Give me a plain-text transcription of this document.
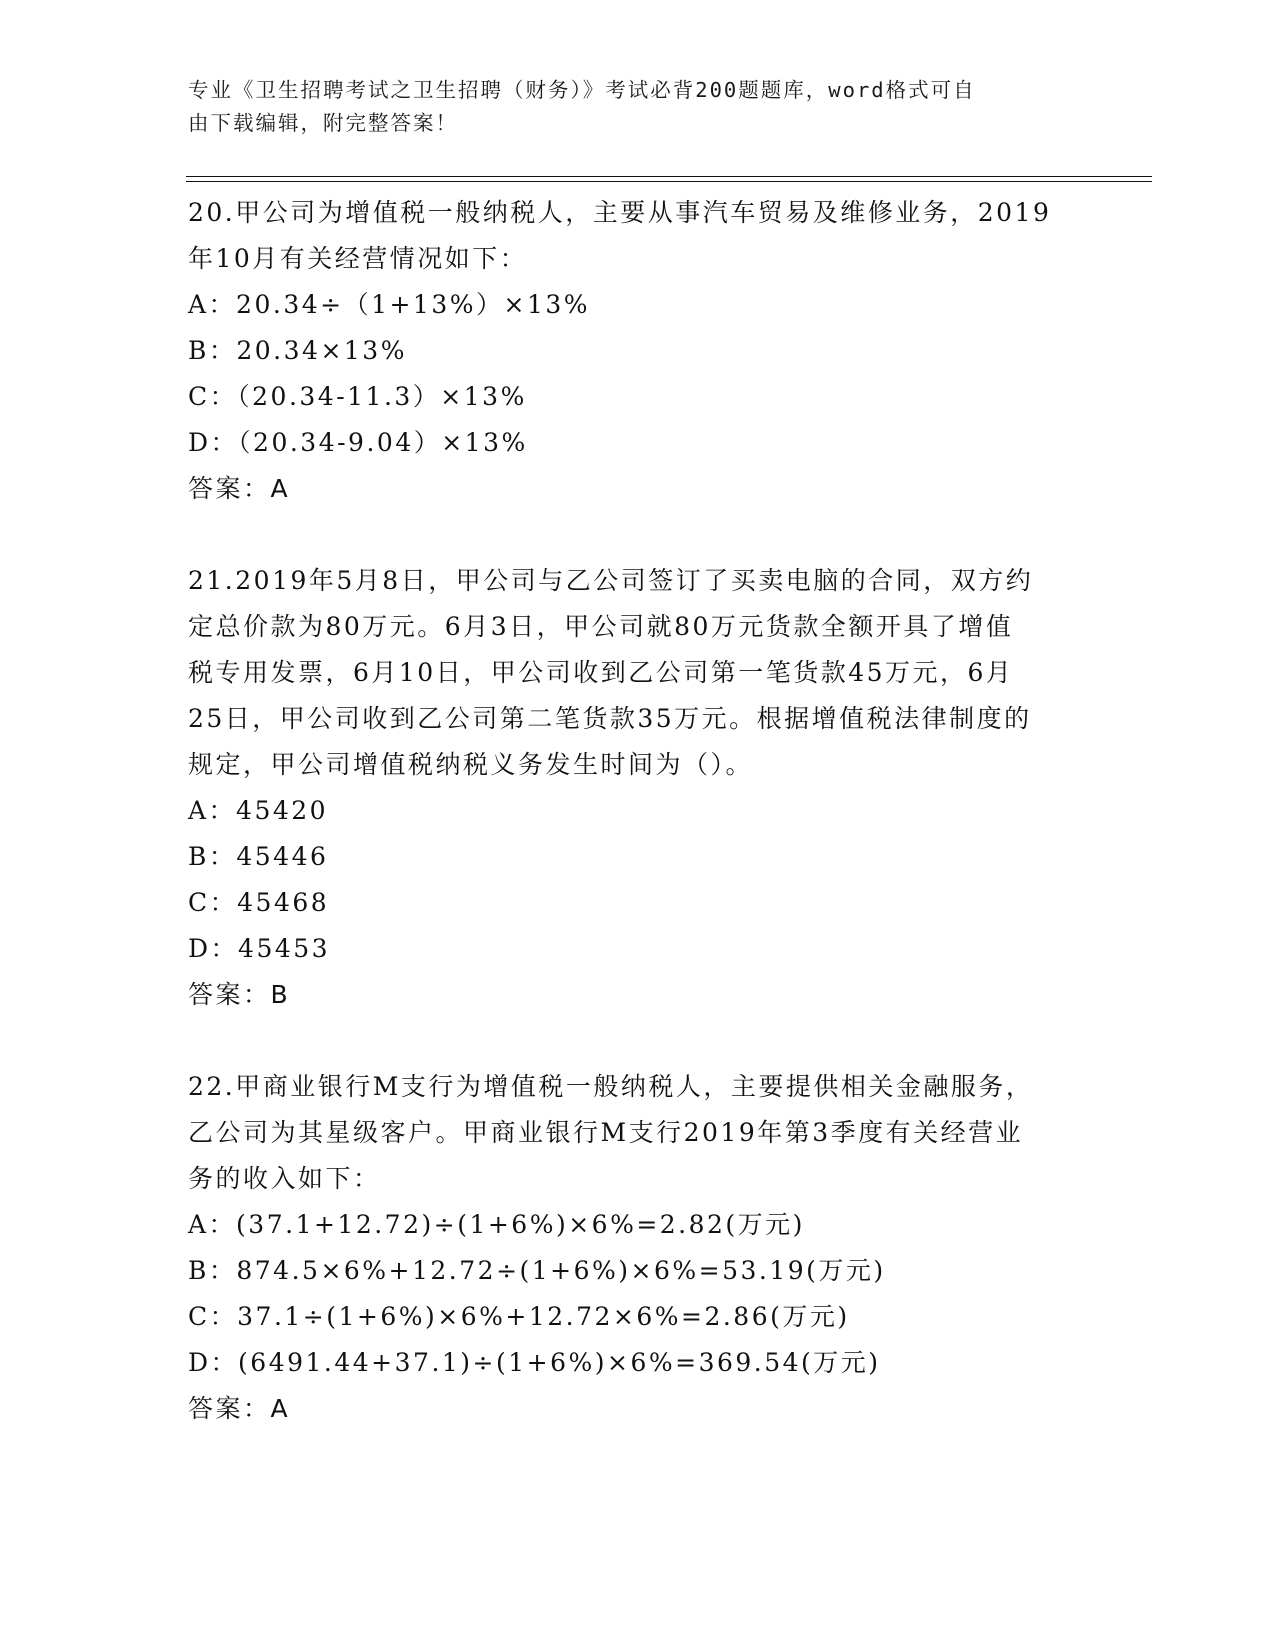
专业《卫生招聘考试之卫生招聘（财务）》考试必背200题题库，word格式可自
由下载编辑，附完整答案！

20.甲公司为增值税一般纳税人，主要从事汽车贸易及维修业务，2019

年10月有关经营情况如下：

A：20.34÷（1+13%）×13%

B：20.34×13%

C：（20.34-11.3）×13%

D：（20.34-9.04）×13%

答案：A

21.2019年5月8日，甲公司与乙公司签订了买卖电脑的合同，双方约

定总价款为80万元。6月3日，甲公司就80万元货款全额开具了增值

税专用发票，6月10日，甲公司收到乙公司第一笔货款45万元，6月

25日，甲公司收到乙公司第二笔货款35万元。根据增值税法律制度的

规定，甲公司增值税纳税义务发生时间为（）。

A：45420

B：45446

C：45468

D：45453

答案：B

22.甲商业银行M支行为增值税一般纳税人，主要提供相关金融服务，

乙公司为其星级客户。甲商业银行M支行2019年第3季度有关经营业

务的收入如下：

A：(37.1+12.72)÷(1+6%)×6%=2.82(万元)

B：874.5×6%+12.72÷(1+6%)×6%=53.19(万元)

C：37.1÷(1+6%)×6%+12.72×6%=2.86(万元)

D：(6491.44+37.1)÷(1+6%)×6%=369.54(万元)

答案：A
